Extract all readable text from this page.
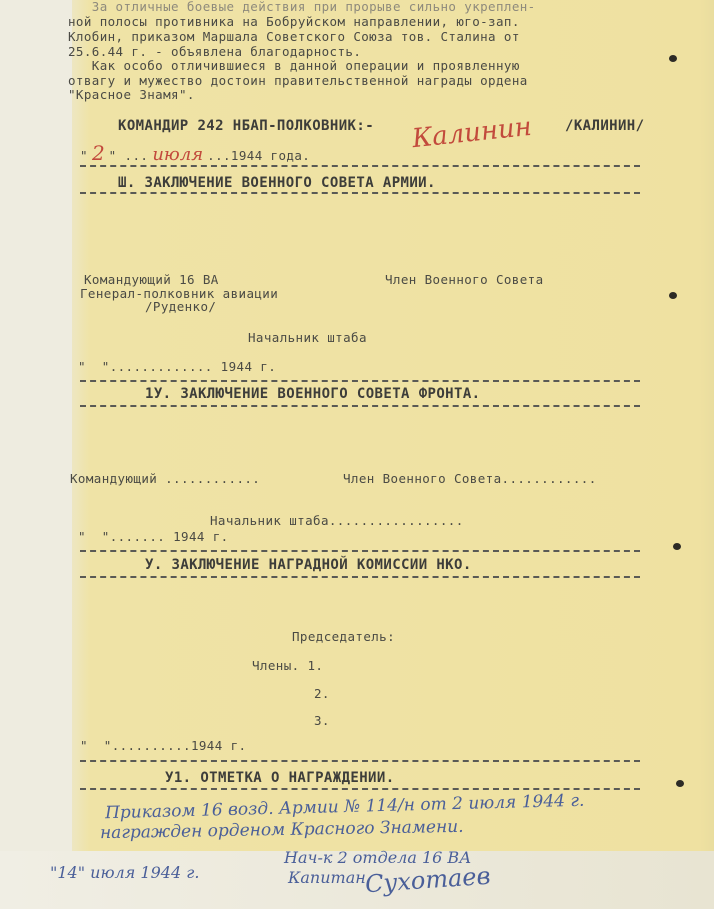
За отличные боевые действия при прорыве сильно укреплен-
ной полосы противника на Бобруйском направлении, юго-зап.
Клобин, приказом Маршала Советского Союза тов. Сталина от
25.6.44 г. - объявлена благодарность.
Как особо отличившиеся в данной операции и проявленную
отвагу и мужество достоин правительственной награды ордена
"Красное Знамя".
КОМАНДИР 242 НБАП-ПОЛКОВНИК:- Калинин /КАЛИНИН/
" 2 " ... июля ...1944 года.
Ш. ЗАКЛЮЧЕНИЕ ВОЕННОГО СОВЕТА АРМИИ.
Командующий 16 ВА	Член Военного Совета
Генерал-полковник авиации
/Руденко/
Начальник штаба
"  "............. 1944 г.
1У. ЗАКЛЮЧЕНИЕ ВОЕННОГО СОВЕТА ФРОНТА.
Командующий ............	Член Военного Совета............
Начальник штаба.................
"  "....... 1944 г.
У. ЗАКЛЮЧЕНИЕ НАГРАДНОЙ КОМИССИИ НКО.
Председатель:
Члены. 1.
2.
3.
"  "..........1944 г.
У1. ОТМЕТКА О НАГРАЖДЕНИИ.
Приказом 16 возд. Армии № 114/н от 2 июля 1944 г.
награжден орденом Красного Знамени.
Нач-к 2 отдела 16 ВА
Капитан
Сухотаев
"14" июля 1944 г.
